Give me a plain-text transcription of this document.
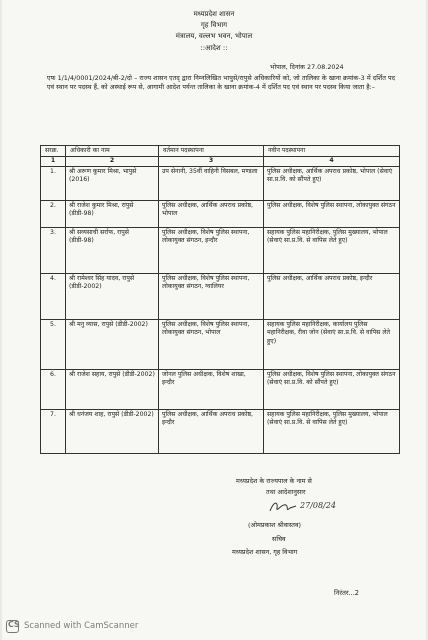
मध्यप्रदेश शासन
गृह विभाग
मंत्रालय, वल्लभ भवन, भोपाल
::आदेश ::
भोपाल, दिनांक 27.08.2024
एफ 1/1/4/0001/2024/बी-2/दो – राज्य शासन एतद् द्वारा निम्नलिखित भापुसे/रापुसे अधिकारियों को, जो तालिका के खाना क्रमांक-3 में दर्शित पद एवं स्थान पर पदस्थ हैं, को अस्थाई रूप से, आगामी आदेश पर्यन्त तालिका के खाना क्रमांक-4 में दर्शित पद एवं स्थान पर पदस्थ किया जाता है:–
सरक्र.	अधिकारी का नाम	वर्तमान पदस्थापना	नवीन पदस्थापना
1	2	3	4
1.	श्री अरूण कुमार मिश्रा, भापुसे (2016)	उप सेनानी, 35वीं वाहिनी विसबल, मण्डला	पुलिस अधीक्षक, आर्थिक अपराध प्रकोष्ठ, भोपाल (सेवाएं सा.प्र.वि. को सौंपते हुए)
2.	श्री राजेश कुमार मिश्रा, रापुसे (डीडी-98)	पुलिस अधीक्षक, आर्थिक अपराध प्रकोष्ठ, भोपाल	पुलिस अधीक्षक, विशेष पुलिस स्थापना, लोकायुक्त संगठन
3.	श्री सव्यसाची सर्राफ, रापुसे (डीडी-98)	पुलिस अधीक्षक, विशेष पुलिस स्थापना, लोकायुक्त संगठन, इन्दौर	सहायक पुलिस महानिरीक्षक, पुलिस मुख्यालय, भोपाल (सेवाएं सा.प्र.वि. से वापिस लेते हुए)
4.	श्री रामेश्वर सिंह यादव, रापुसे (डीडी-2002)	पुलिस अधीक्षक, विशेष पुलिस स्थापना, लोकायुक्त संगठन, ग्वालियर	पुलिस अधीक्षक, आर्थिक अपराध प्रकोष्ठ, इन्दौर
5.	श्री मनु व्यास, रापुसे (डीडी-2002)	पुलिस अधीक्षक, विशेष पुलिस स्थापना, लोकायुक्त संगठन, भोपाल	सहायक पुलिस महानिरीक्षक, कार्यालय पुलिस महानिरीक्षक, रीवा जोन (सेवाएं सा.प्र.वि. से वापिस लेते हुए)
6.	श्री राजेश सहाय, रापुसे (डीडी-2002)	जोनल पुलिस अधीक्षक, विशेष शाखा, इन्दौर	पुलिस अधीक्षक, विशेष पुलिस स्थापना, लोकायुक्त संगठन (सेवाएं सा.प्र.वि. को सौंपते हुए)
7.	श्री धनंजय शाह, रापुसे (डीडी-2002)	पुलिस अधीक्षक, आर्थिक अपराध प्रकोष्ठ, इन्दौर	सहायक पुलिस महानिरीक्षक, पुलिस मुख्यालय, भोपाल (सेवाएं सा.प्र.वि. से वापिस लेते हुए)
मध्यप्रदेश के राज्यपाल के नाम से
तथा आदेशानुसार
27/08/24
(ओमप्रकाश श्रीवास्तव)
सचिव
मध्यप्रदेश शासन, गृह विभाग
निरंतर...2
CS Scanned with CamScanner
